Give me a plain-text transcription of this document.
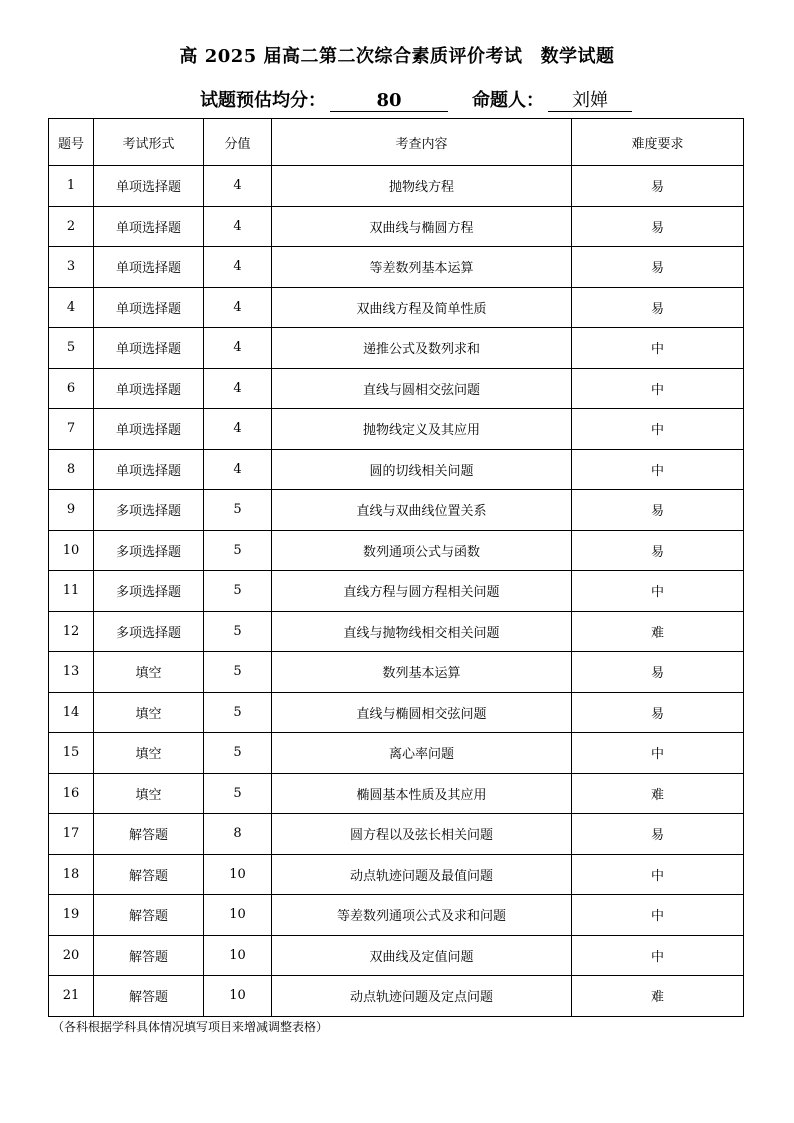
高 2025 届高二第二次综合素质评价考试 数学试题
试题预估均分：	80	命题人： 刘婵
题号	考试形式	分值	考查内容	难度要求
1	单项选择题	4	抛物线方程	易
2	单项选择题	4	双曲线与椭圆方程	易
3	单项选择题	4	等差数列基本运算	易
4	单项选择题	4	双曲线方程及简单性质	易
5	单项选择题	4	递推公式及数列求和	中
6	单项选择题	4	直线与圆相交弦问题	中
7	单项选择题	4	抛物线定义及其应用	中
8	单项选择题	4	圆的切线相关问题	中
9	多项选择题	5	直线与双曲线位置关系	易
10	多项选择题	5	数列通项公式与函数	易
11	多项选择题	5	直线方程与圆方程相关问题	中
12	多项选择题	5	直线与抛物线相交相关问题	难
13	填空	5	数列基本运算	易
14	填空	5	直线与椭圆相交弦问题	易
15	填空	5	离心率问题	中
16	填空	5	椭圆基本性质及其应用	难
17	解答题	8	圆方程以及弦长相关问题	易
18	解答题	10	动点轨迹问题及最值问题	中
19	解答题	10	等差数列通项公式及求和问题	中
20	解答题	10	双曲线及定值问题	中
21	解答题	10	动点轨迹问题及定点问题	难
（各科根据学科具体情况填写项目来增减调整表格）
